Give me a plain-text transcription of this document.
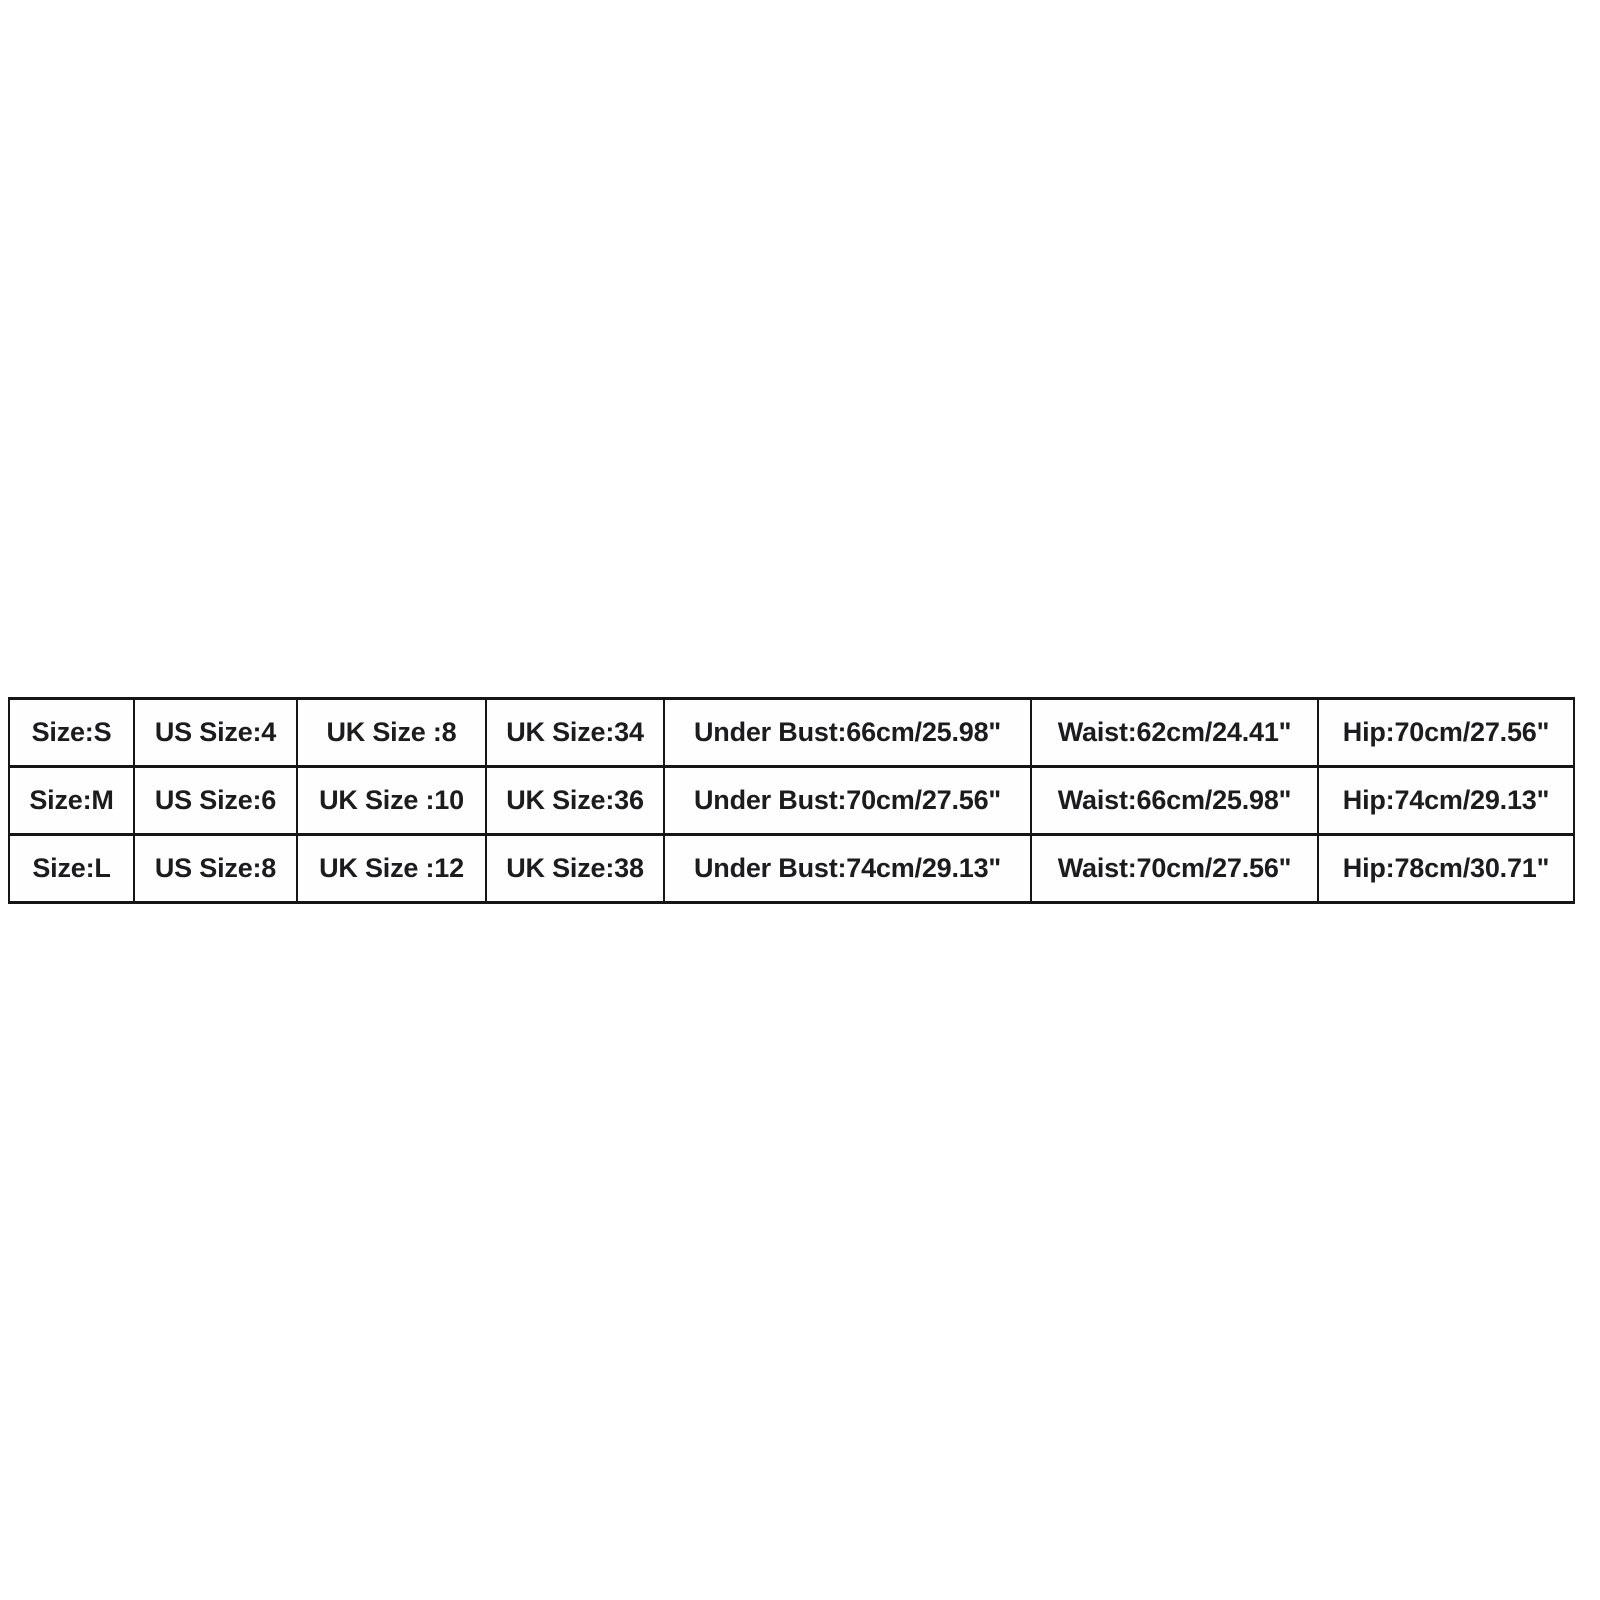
Size:S	US Size:4	UK Size :8	UK Size:34	Under Bust:66cm/25.98"	Waist:62cm/24.41"	Hip:70cm/27.56"
Size:M	US Size:6	UK Size :10	UK Size:36	Under Bust:70cm/27.56"	Waist:66cm/25.98"	Hip:74cm/29.13"
Size:L	US Size:8	UK Size :12	UK Size:38	Under Bust:74cm/29.13"	Waist:70cm/27.56"	Hip:78cm/30.71"
